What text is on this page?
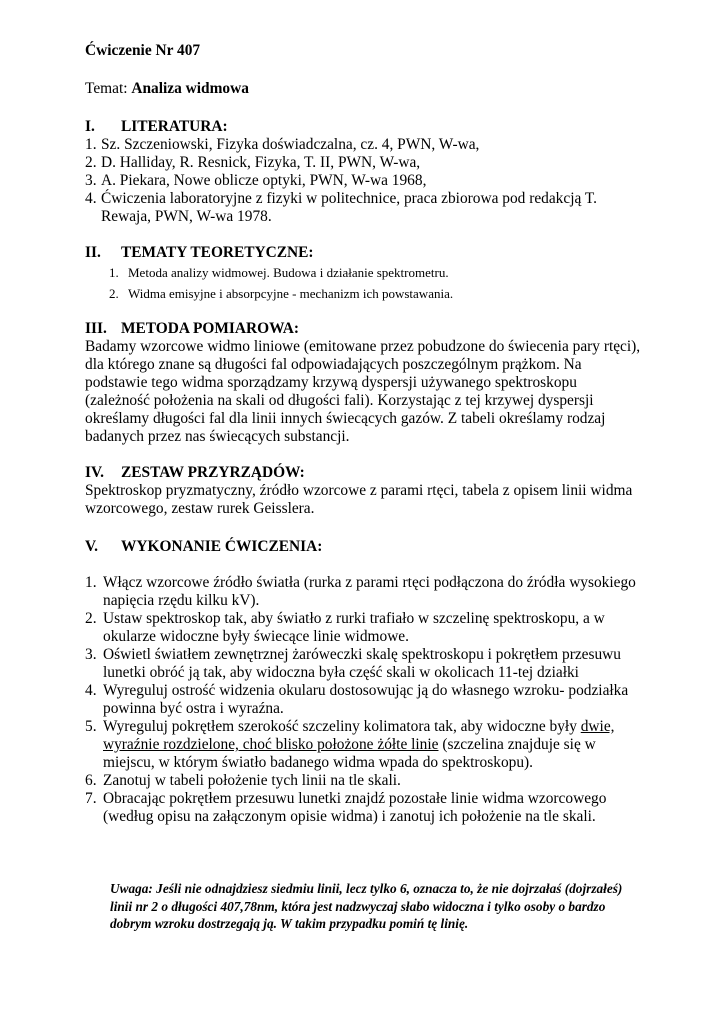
Ćwiczenie Nr 407
Temat: Analiza widmowa
I.	LITERATURA:
1. Sz. Szczeniowski, Fizyka doświadczalna, cz. 4, PWN, W-wa,
2. D. Halliday, R. Resnick, Fizyka, T. II, PWN, W-wa,
3. A. Piekara, Nowe oblicze optyki, PWN, W-wa 1968,
4. Ćwiczenia laboratoryjne z fizyki w politechnice, praca zbiorowa pod redakcją T. Rewaja, PWN, W-wa 1978.
II.	TEMATY TEORETYCZNE:
1. Metoda analizy widmowej. Budowa i działanie spektrometru.
2. Widma emisyjne i absorpcyjne - mechanizm ich powstawania.
III. METODA POMIAROWA:

Badamy wzorcowe widmo liniowe (emitowane przez pobudzone do świecenia pary rtęci), dla którego znane są długości fal odpowiadających poszczególnym prążkom. Na podstawie tego widma sporządzamy krzywą dyspersji używanego spektroskopu (zależność położenia na skali od długości fali). Korzystając z tej krzywej dyspersji określamy długości fal dla linii innych świecących gazów. Z tabeli określamy rodzaj badanych przez nas świecących substancji.

IV.	ZESTAW PRZYRZĄDÓW:

Spektroskop pryzmatyczny, źródło wzorcowe z parami rtęci, tabela z opisem linii widma wzorcowego, zestaw rurek Geisslera.

V.	WYKONANIE ĆWICZENIA:
1. Włącz wzorcowe źródło światła (rurka z parami rtęci podłączona do źródła wysokiego napięcia rzędu kilku kV).
2. Ustaw spektroskop tak, aby światło z rurki trafiało w szczelinę spektroskopu, a w okularze widoczne były świecące linie widmowe.
3. Oświetl światłem zewnętrznej żaróweczki skalę spektroskopu i pokrętłem przesuwu lunetki obróć ją tak, aby widoczna była część skali w okolicach 11-tej działki
4. Wyreguluj ostrość widzenia okularu dostosowując ją do własnego wzroku- podziałka powinna być ostra i wyraźna.
5. Wyreguluj pokrętłem szerokość szczeliny kolimatora tak, aby widoczne były dwie, wyraźnie rozdzielone, choć blisko położone żółte linie (szczelina znajduje się w miejscu, w którym światło badanego widma wpada do spektroskopu).
6. Zanotuj w tabeli położenie tych linii na tle skali.
7. Obracając pokrętłem przesuwu lunetki znajdź pozostałe linie widma wzorcowego (według opisu na załączonym opisie widma) i zanotuj ich położenie na tle skali.
Uwaga: Jeśli nie odnajdziesz siedmiu linii, lecz tylko 6, oznacza to, że nie dojrzałaś (dojrzałeś) linii nr 2 o długości 407,78nm, która jest nadzwyczaj słabo widoczna i tylko osoby o bardzo dobrym wzroku dostrzegają ją. W takim przypadku pomiń tę linię.
